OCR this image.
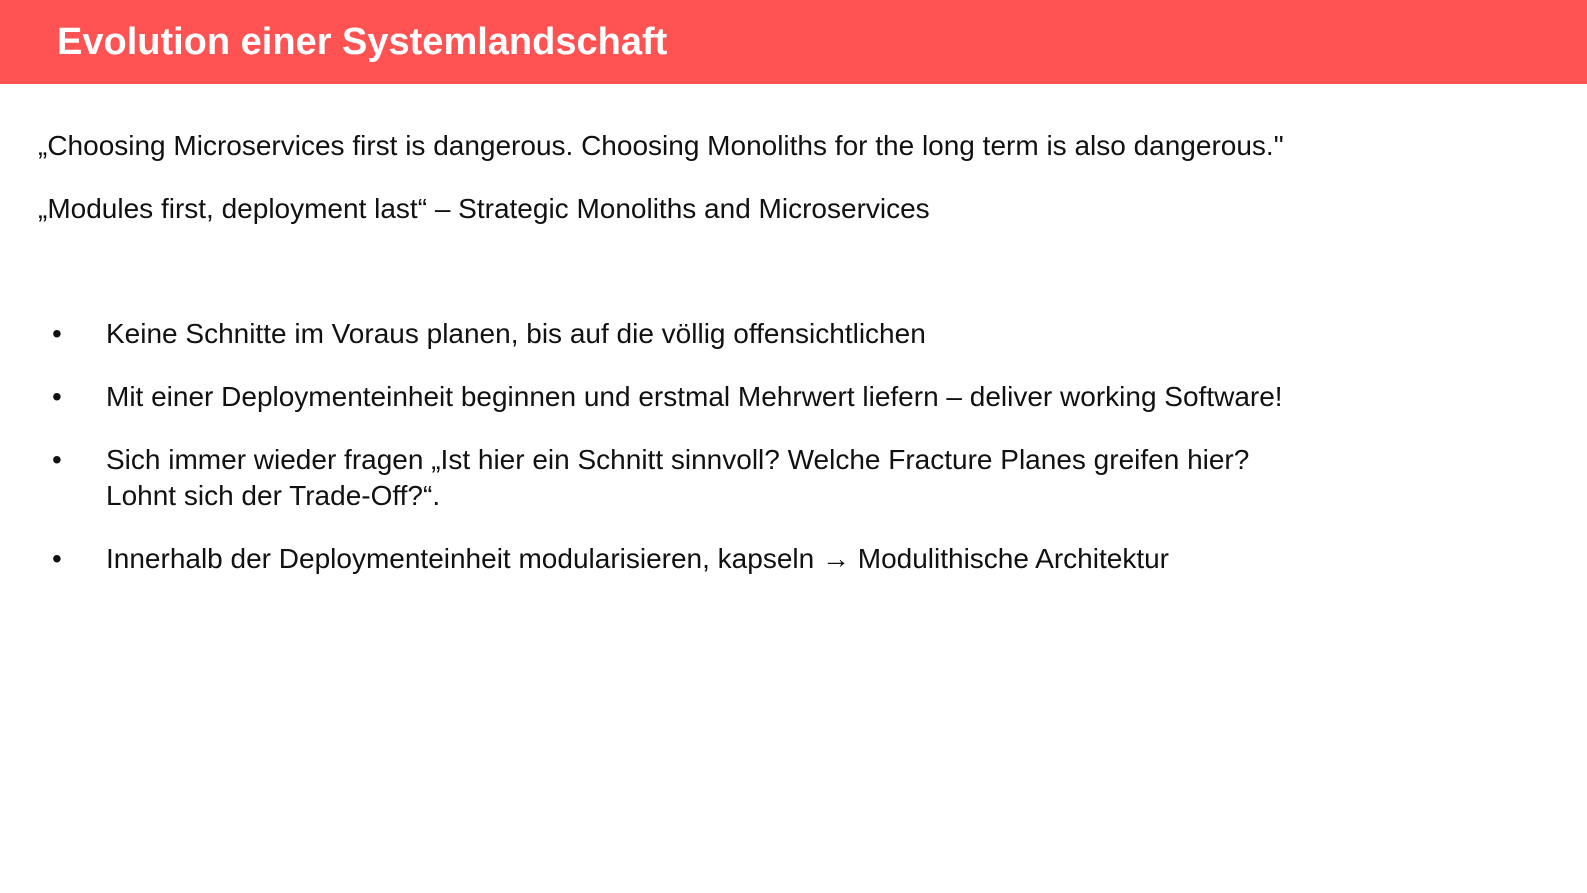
Evolution einer Systemlandschaft

„Choosing Microservices first is dangerous. Choosing Monoliths for the long term is also dangerous."

„Modules first, deployment last“ – Strategic Monoliths and Microservices

• Keine Schnitte im Voraus planen, bis auf die völlig offensichtlichen
• Mit einer Deploymenteinheit beginnen und erstmal Mehrwert liefern – deliver working Software!
• Sich immer wieder fragen „Ist hier ein Schnitt sinnvoll? Welche Fracture Planes greifen hier?
Lohnt sich der Trade-Off?“.
• Innerhalb der Deploymenteinheit modularisieren, kapseln → Modulithische Architektur
